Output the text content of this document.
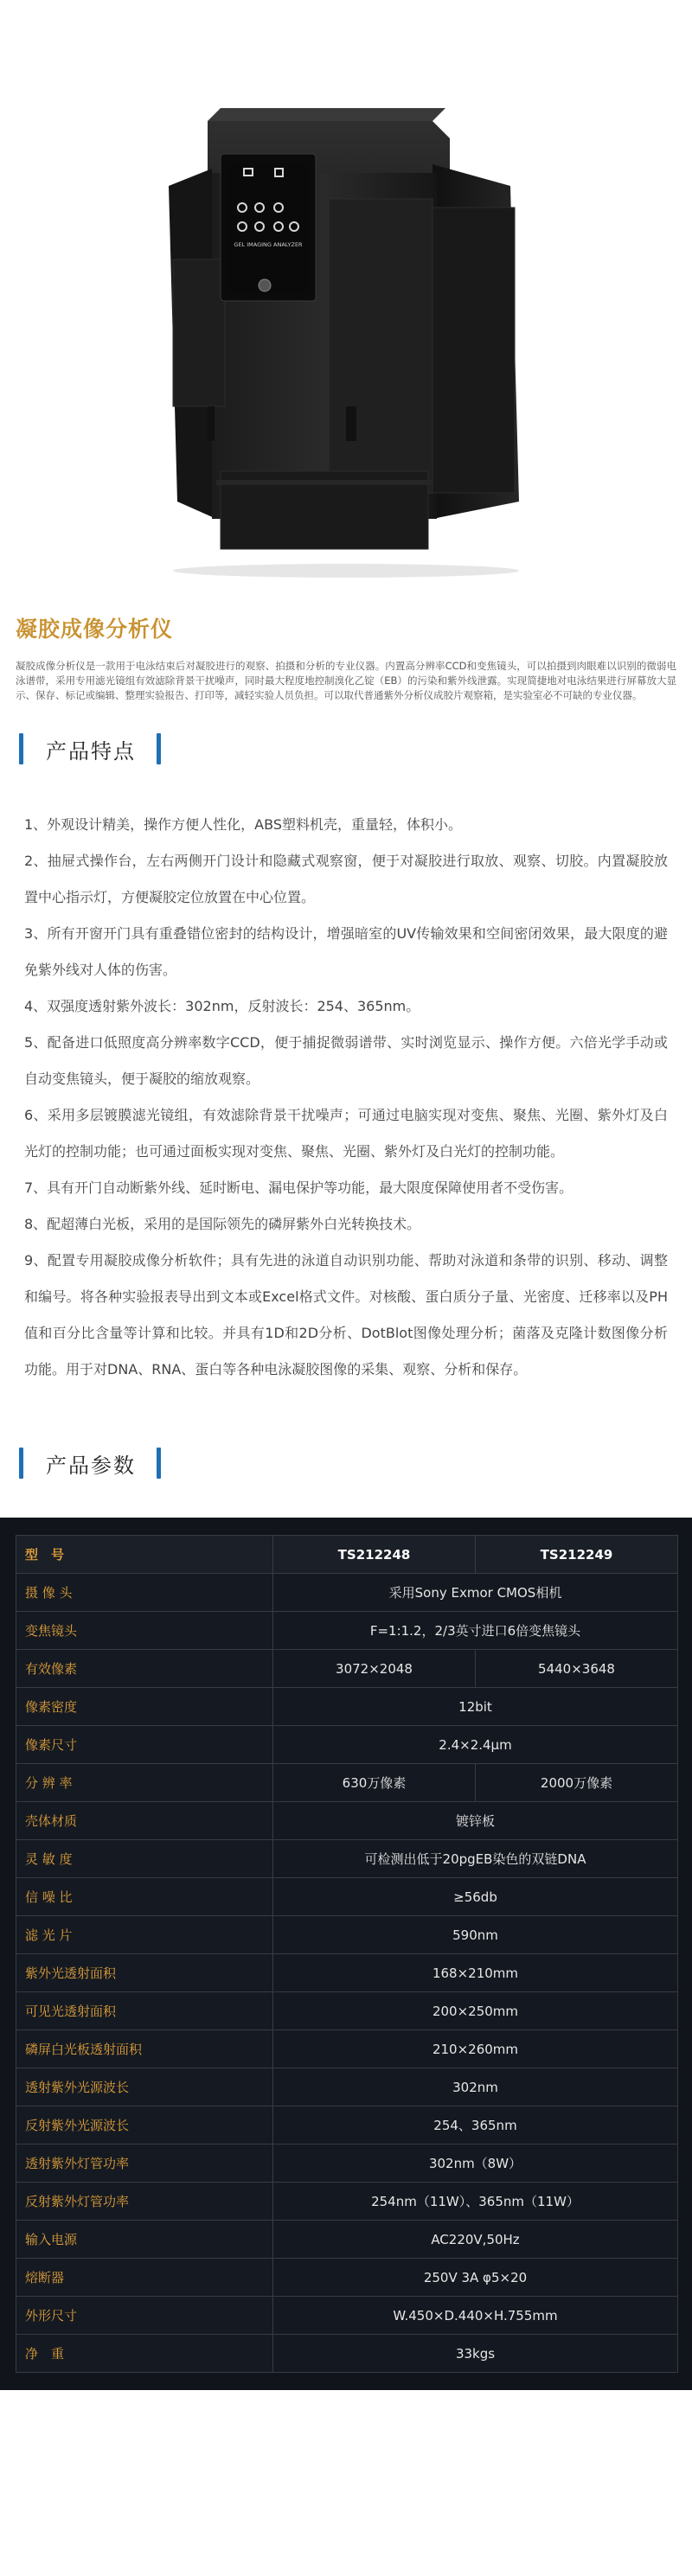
GEL IMAGING ANALYZER
凝胶成像分析仪

凝胶成像分析仪是一款用于电泳结束后对凝胶进行的观察、拍摄和分析的专业仪器。内置高分辨率CCD和变焦镜头，可以拍摄到肉眼难以识别的微弱电泳谱带，采用专用滤光镜组有效滤除背景干扰噪声，同时最大程度地控制溴化乙锭（EB）的污染和紫外线泄露。实现简捷地对电泳结果进行屏幕放大显示、保存、标记或编辑、整理实验报告、打印等，减轻实验人员负担。可以取代普通紫外分析仪成胶片观察箱，是实验室必不可缺的专业仪器。

产品特点

1、外观设计精美，操作方便人性化，ABS塑料机壳，重量轻，体积小。

2、抽屉式操作台，左右两侧开门设计和隐藏式观察窗，便于对凝胶进行取放、观察、切胶。内置凝胶放置中心指示灯，方便凝胶定位放置在中心位置。

3、所有开窗开门具有重叠错位密封的结构设计，增强暗室的UV传输效果和空间密闭效果，最大限度的避免紫外线对人体的伤害。

4、双强度透射紫外波长：302nm，反射波长：254、365nm。

5、配备进口低照度高分辨率数字CCD，便于捕捉微弱谱带、实时浏览显示、操作方便。六倍光学手动或自动变焦镜头，便于凝胶的缩放观察。

6、采用多层镀膜滤光镜组，有效滤除背景干扰噪声；可通过电脑实现对变焦、聚焦、光圈、紫外灯及白光灯的控制功能；也可通过面板实现对变焦、聚焦、光圈、紫外灯及白光灯的控制功能。

7、具有开门自动断紫外线、延时断电、漏电保护等功能，最大限度保障使用者不受伤害。

8、配超薄白光板，采用的是国际领先的磷屏紫外白光转换技术。

9、配置专用凝胶成像分析软件；具有先进的泳道自动识别功能、帮助对泳道和条带的识别、移动、调整和编号。将各种实验报表导出到文本或Excel格式文件。对核酸、蛋白质分子量、光密度、迁移率以及PH值和百分比含量等计算和比较。并具有1D和2D分析、DotBlot图像处理分析；菌落及克隆计数图像分析功能。用于对DNA、RNA、蛋白等各种电泳凝胶图像的采集、观察、分析和保存。

产品参数
型　号	TS212248	TS212249
摄 像 头	采用Sony Exmor CMOS相机	
变焦镜头	F=1:1.2，2/3英寸进口6倍变焦镜头	
有效像素	3072×2048	5440×3648
像素密度	12bit	
像素尺寸	2.4×2.4μm	
分 辨 率	630万像素	2000万像素
壳体材质	镀锌板	
灵 敏 度	可检测出低于20pgEB染色的双链DNA	
信 噪 比	≥56db	
滤 光 片	590nm	
紫外光透射面积	168×210mm	
可见光透射面积	200×250mm	
磷屏白光板透射面积	210×260mm	
透射紫外光源波长	302nm	
反射紫外光源波长	254、365nm	
透射紫外灯管功率	302nm（8W）	
反射紫外灯管功率	254nm（11W）、365nm（11W）	
输入电源	AC220V,50Hz	
熔断器	250V 3A φ5×20	
外形尺寸	W.450×D.440×H.755mm	
净　重	33kgs	
